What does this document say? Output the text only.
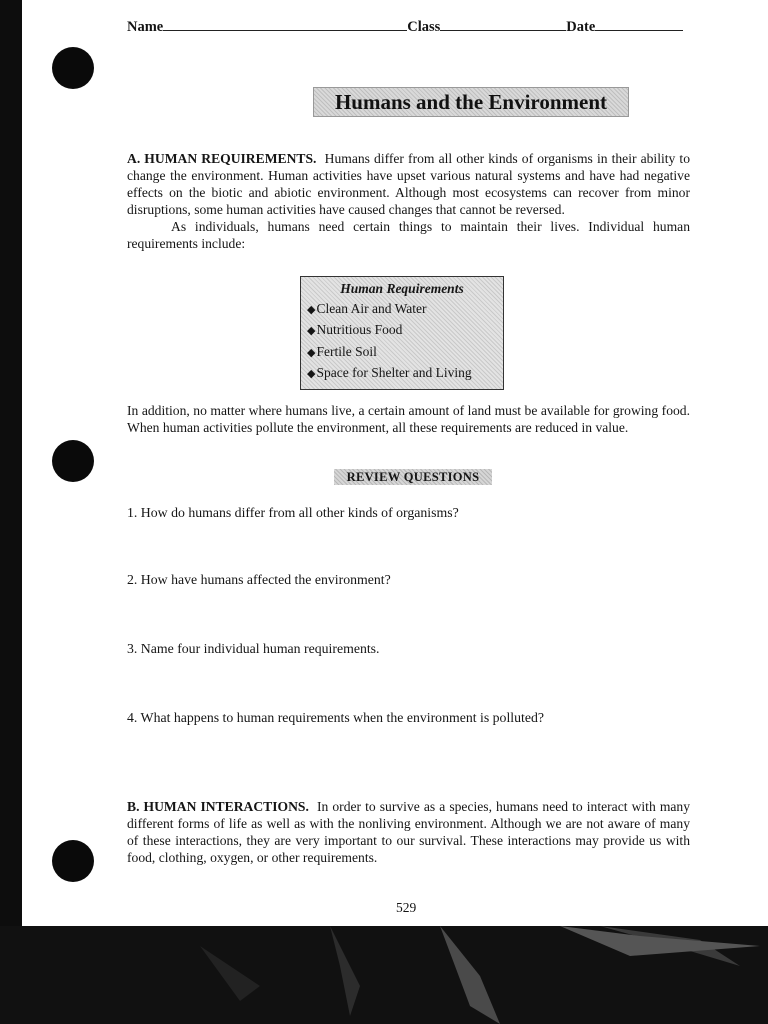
Name	Class	Date
Humans and the Environment
A. HUMAN REQUIREMENTS. Humans differ from all other kinds of organisms in their ability to change the environment. Human activities have upset various natural systems and have had negative effects on the biotic and abiotic environment. Although most ecosystems can recover from minor disruptions, some human activities have caused changes that cannot be reversed.
As individuals, humans need certain things to maintain their lives. Individual human requirements include:
Human Requirements
◆ Clean Air and Water
◆ Nutritious Food
◆ Fertile Soil
◆ Space for Shelter and Living
In addition, no matter where humans live, a certain amount of land must be available for growing food. When human activities pollute the environment, all these requirements are reduced in value.
REVIEW QUESTIONS
1. How do humans differ from all other kinds of organisms?
2. How have humans affected the environment?
3. Name four individual human requirements.
4. What happens to human requirements when the environment is polluted?
B. HUMAN INTERACTIONS. In order to survive as a species, humans need to interact with many different forms of life as well as with the nonliving environment. Although we are not aware of many of these interactions, they are very important to our survival. These interactions may provide us with food, clothing, oxygen, or other requirements.
529
